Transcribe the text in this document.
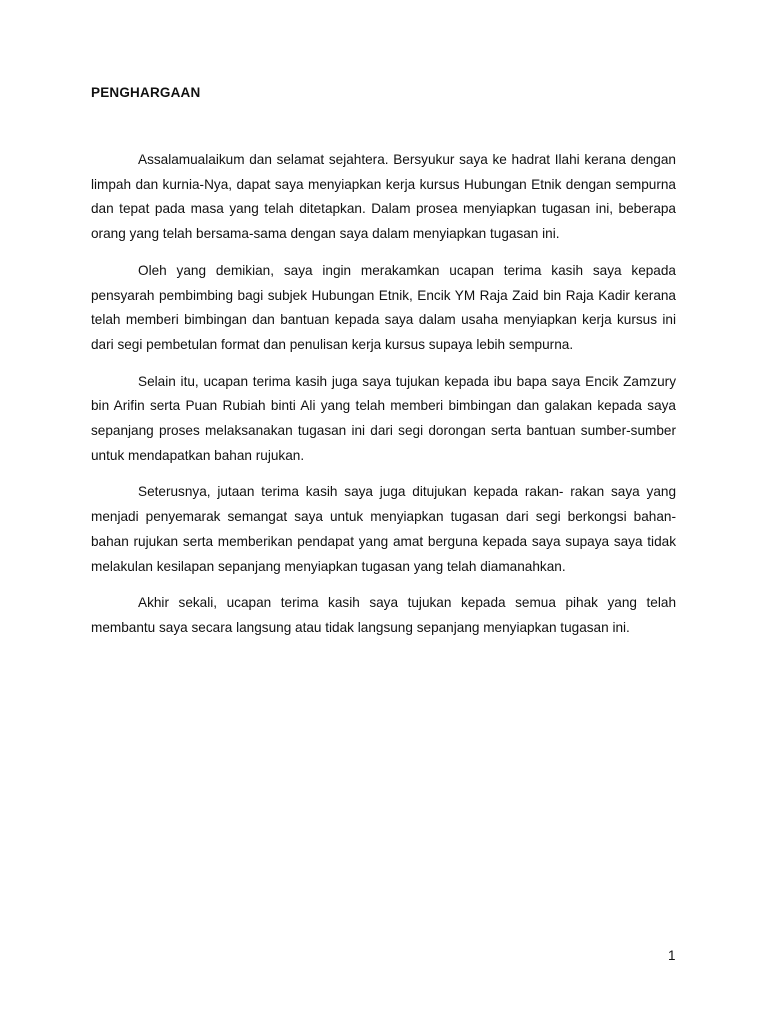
PENGHARGAAN

Assalamualaikum dan selamat sejahtera. Bersyukur saya ke hadrat Ilahi kerana dengan limpah dan kurnia-Nya, dapat saya menyiapkan kerja kursus Hubungan Etnik dengan sempurna dan tepat pada masa yang telah ditetapkan. Dalam prosea menyiapkan tugasan ini, beberapa orang yang telah bersama-sama dengan saya dalam menyiapkan tugasan ini.

Oleh yang demikian, saya ingin merakamkan ucapan terima kasih saya kepada pensyarah pembimbing bagi subjek Hubungan Etnik, Encik YM Raja Zaid bin Raja Kadir kerana telah memberi bimbingan dan bantuan kepada saya dalam usaha menyiapkan kerja kursus ini dari segi pembetulan format dan penulisan kerja kursus supaya lebih sempurna.

Selain itu, ucapan terima kasih juga saya tujukan kepada ibu bapa saya Encik Zamzury bin Arifin serta Puan Rubiah binti Ali yang telah memberi bimbingan dan galakan kepada saya sepanjang proses melaksanakan tugasan ini dari segi dorongan serta bantuan sumber-sumber untuk mendapatkan bahan rujukan.

Seterusnya, jutaan terima kasih saya juga ditujukan kepada rakan- rakan saya yang menjadi penyemarak semangat saya untuk menyiapkan tugasan dari segi berkongsi bahan-bahan rujukan serta memberikan pendapat yang amat berguna kepada saya supaya saya tidak melakulan kesilapan sepanjang menyiapkan tugasan yang telah diamanahkan.

Akhir sekali, ucapan terima kasih saya tujukan kepada semua pihak yang telah membantu saya secara langsung atau tidak langsung sepanjang menyiapkan tugasan ini.

1
